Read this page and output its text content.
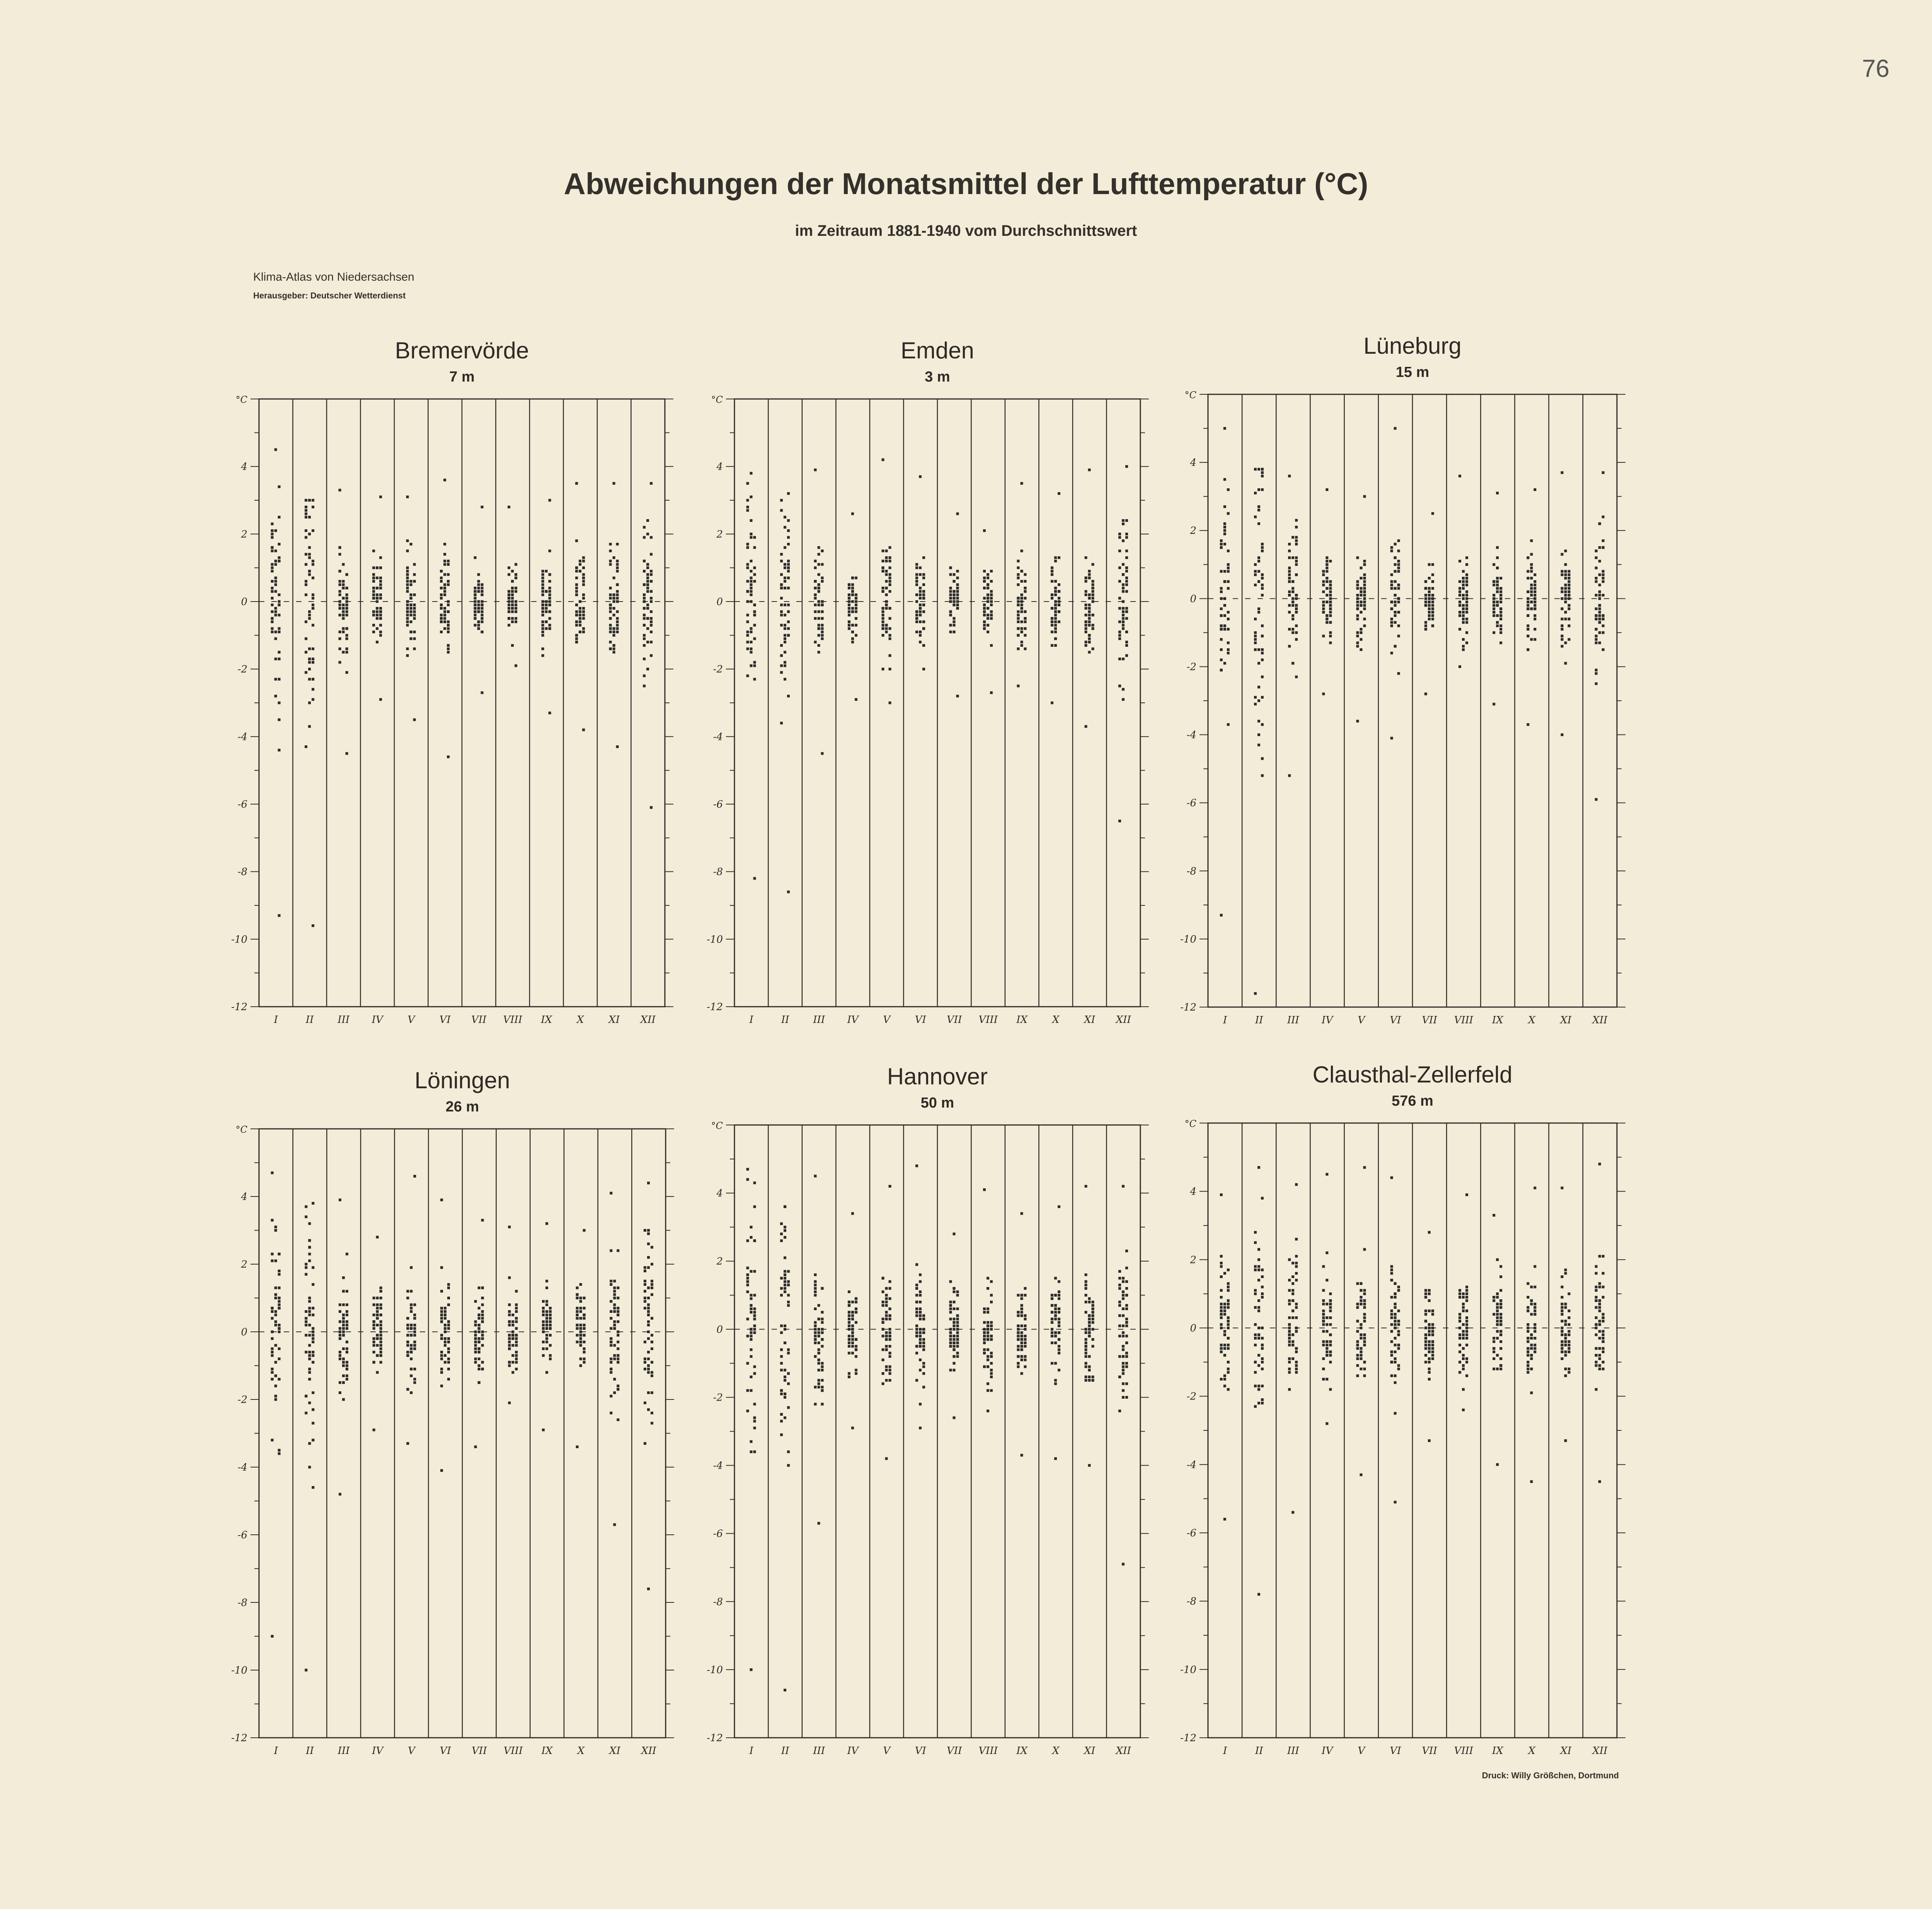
76
Abweichungen der Monatsmittel der Lufttemperatur (°C)
im Zeitraum 1881-1940 vom Durchschnittswert
Klima-Atlas von Niedersachsen
Herausgeber: Deutscher Wetterdienst
Druck: Willy Größchen, Dortmund
Bremervörde
7 m
4
2
0
-2
-4
-6
-8
-10
-12
°C
I	II III IV V VI VII VIII IX X XI XII
Emden
3 m
4
2
0
-2
-4
-6
-8
-10
-12
°C
I	II III IV V VI VII VIII IX X XI XII
Lüneburg
15 m
4
2
0
-2
-4
-6
-8
-10
-12
°C
I	II III IV V VI VII VIII IX X XI XII
Löningen
26 m
4
2
0
-2
-4
-6
-8
-10
-12
°C
I	II III IV V VI VII VIII IX X XI XII
Hannover
50 m
4
2
0
-2
-4
-6
-8
-10
-12
°C
I	II III IV V VI VII VIII IX X XI XII
Clausthal-Zellerfeld
576 m
4
2
0
-2
-4
-6
-8
-10
-12
°C
I	II III IV V VI VII VIII IX X XI XII
